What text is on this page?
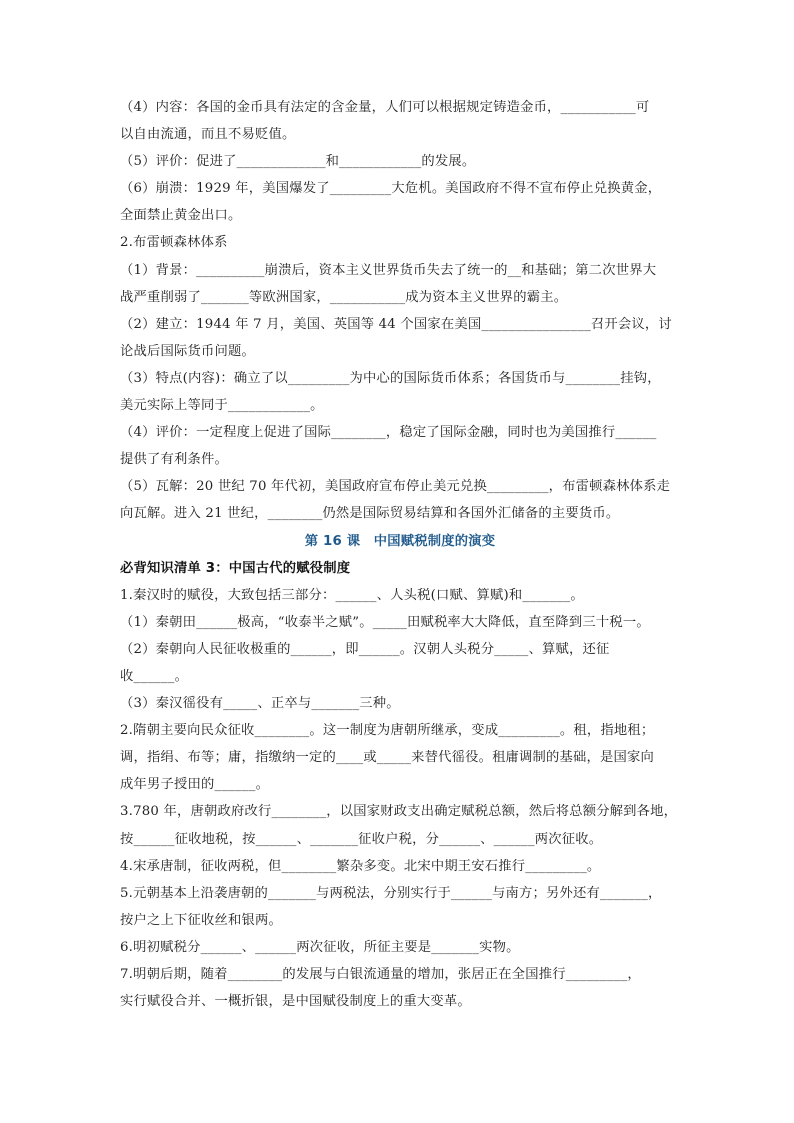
（4）内容：各国的金币具有法定的含金量，人们可以根据规定铸造金币，___________可
以自由流通，而且不易贬值。
（5）评价：促进了_____________和____________的发展。
（6）崩溃：1929 年，美国爆发了_________大危机。美国政府不得不宣布停止兑换黄金，
全面禁止黄金出口。
2.布雷顿森林体系
（1）背景：__________崩溃后，资本主义世界货币失去了统一的__和基础；第二次世界大
战严重削弱了_______等欧洲国家，___________成为资本主义世界的霸主。
（2）建立：1944 年 7 月，美国、英国等 44 个国家在美国________________召开会议，讨
论战后国际货币问题。
（3）特点(内容)：确立了以_________为中心的国际货币体系；各国货币与________挂钩，
美元实际上等同于____________。
（4）评价：一定程度上促进了国际________，稳定了国际金融，同时也为美国推行______
提供了有利条件。
（5）瓦解：20 世纪 70 年代初，美国政府宣布停止美元兑换_________，布雷顿森林体系走
向瓦解。进入 21 世纪，________仍然是国际贸易结算和各国外汇储备的主要货币。
第 16 课　中国赋税制度的演变
必背知识清单 3：中国古代的赋役制度
1.秦汉时的赋役，大致包括三部分：______、人头税(口赋、算赋)和_______。
（1）秦朝田______极高，“收泰半之赋”。_____田赋税率大大降低，直至降到三十税一。
（2）秦朝向人民征收极重的______，即______。汉朝人头税分_____、算赋，还征
收______。
（3）秦汉徭役有_____、正卒与_______三种。
2.隋朝主要向民众征收________。这一制度为唐朝所继承，变成_________。租，指地租；
调，指绢、布等；庸，指缴纳一定的____或_____来替代徭役。租庸调制的基础，是国家向
成年男子授田的______。
3.780 年，唐朝政府改行________，以国家财政支出确定赋税总额，然后将总额分解到各地，
按______征收地税，按______、_______征收户税，分______、______两次征收。
4.宋承唐制，征收两税，但________繁杂多变。北宋中期王安石推行_________。
5.元朝基本上沿袭唐朝的_______与两税法，分别实行于______与南方；另外还有_______，
按户之上下征收丝和银两。
6.明初赋税分______、______两次征收，所征主要是_______实物。
7.明朝后期，随着________的发展与白银流通量的增加，张居正在全国推行_________，
实行赋役合并、一概折银，是中国赋役制度上的重大变革。
